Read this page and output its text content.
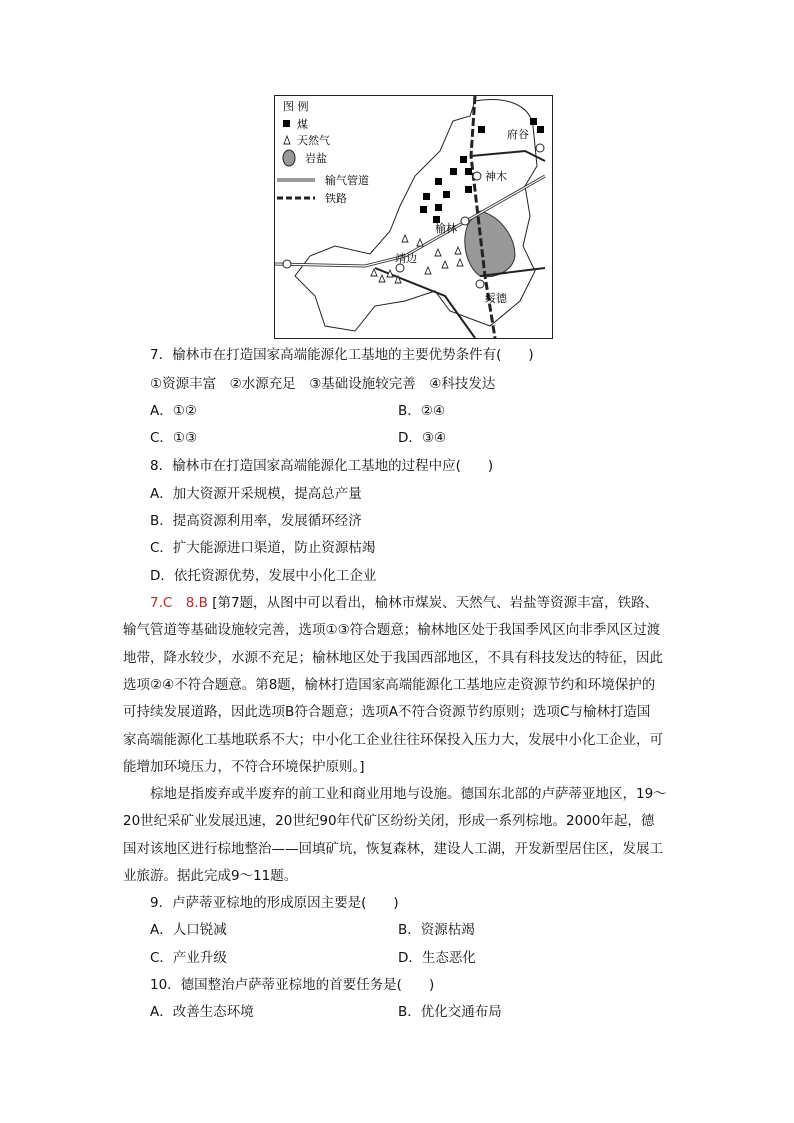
图 例
煤
天然气
岩盐
输气管道
铁路
府谷
神木
榆林
靖边
绥德
7．榆林市在打造国家高端能源化工基地的主要优势条件有(　　)
①资源丰富　②水源充足　③基础设施较完善　④科技发达
A．①②	B．②④
C．①③	D．③④
8．榆林市在打造国家高端能源化工基地的过程中应(　　)
A．加大资源开采规模，提高总产量
B．提高资源利用率，发展循环经济
C．扩大能源进口渠道，防止资源枯竭
D．依托资源优势，发展中小化工企业
7.C　8.B [第7题，从图中可以看出，榆林市煤炭、天然气、岩盐等资源丰富，铁路、
输气管道等基础设施较完善，选项①③符合题意；榆林地区处于我国季风区向非季风区过渡
地带，降水较少，水源不充足；榆林地区处于我国西部地区，不具有科技发达的特征，因此
选项②④不符合题意。第8题，榆林打造国家高端能源化工基地应走资源节约和环境保护的
可持续发展道路，因此选项B符合题意；选项A不符合资源节约原则；选项C与榆林打造国
家高端能源化工基地联系不大；中小化工企业往往环保投入压力大，发展中小化工企业，可
能增加环境压力，不符合环境保护原则。]
棕地是指废弃或半废弃的前工业和商业用地与设施。德国东北部的卢萨蒂亚地区，19～
20世纪采矿业发展迅速，20世纪90年代矿区纷纷关闭，形成一系列棕地。2000年起，德
国对该地区进行棕地整治——回填矿坑，恢复森林，建设人工湖，开发新型居住区，发展工
业旅游。据此完成9～11题。
9．卢萨蒂亚棕地的形成原因主要是(　　)
A．人口锐减	B．资源枯竭
C．产业升级	D．生态恶化
10．德国整治卢萨蒂亚棕地的首要任务是(　　)
A．改善生态环境	B．优化交通布局
